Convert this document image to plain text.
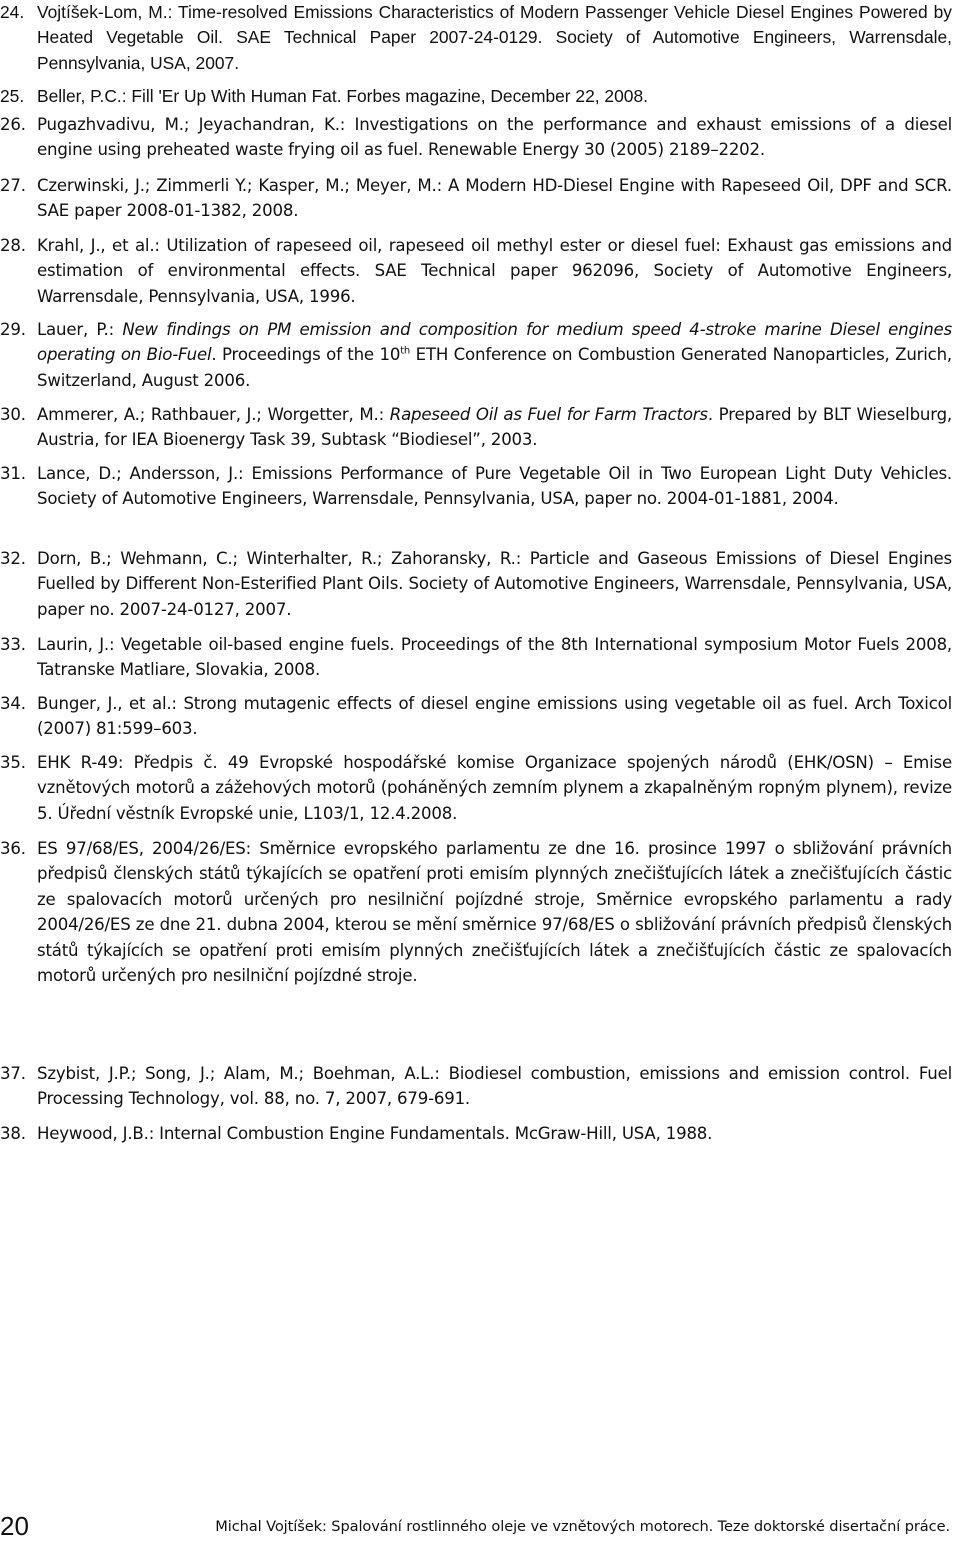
24. Vojtíšek-Lom, M.: Time-resolved Emissions Characteristics of Modern Passenger Vehicle Diesel Engines Powered by Heated Vegetable Oil. SAE Technical Paper 2007-24-0129. Society of Automotive Engineers, Warrensdale, Pennsylvania, USA, 2007.
25. Beller, P.C.: Fill 'Er Up With Human Fat. Forbes magazine, December 22, 2008.
26. Pugazhvadivu, M.; Jeyachandran, K.: Investigations on the performance and exhaust emissions of a diesel engine using preheated waste frying oil as fuel. Renewable Energy 30 (2005) 2189–2202.
27. Czerwinski, J.; Zimmerli Y.; Kasper, M.; Meyer, M.: A Modern HD-Diesel Engine with Rapeseed Oil, DPF and SCR. SAE paper 2008-01-1382, 2008.
28. Krahl, J., et al.: Utilization of rapeseed oil, rapeseed oil methyl ester or diesel fuel: Exhaust gas emissions and estimation of environmental effects. SAE Technical paper 962096, Society of Automotive Engineers, Warrensdale, Pennsylvania, USA, 1996.
29. Lauer, P.: New findings on PM emission and composition for medium speed 4-stroke marine Diesel engines operating on Bio-Fuel. Proceedings of the 10th ETH Conference on Combustion Generated Nanoparticles, Zurich, Switzerland, August 2006.
30. Ammerer, A.; Rathbauer, J.; Worgetter, M.: Rapeseed Oil as Fuel for Farm Tractors. Prepared by BLT Wieselburg, Austria, for IEA Bioenergy Task 39, Subtask “Biodiesel”, 2003.
31. Lance, D.; Andersson, J.: Emissions Performance of Pure Vegetable Oil in Two European Light Duty Vehicles. Society of Automotive Engineers, Warrensdale, Pennsylvania, USA, paper no. 2004-01-1881, 2004.
32. Dorn, B.; Wehmann, C.; Winterhalter, R.; Zahoransky, R.: Particle and Gaseous Emissions of Diesel Engines Fuelled by Different Non-Esterified Plant Oils. Society of Automotive Engineers, Warrensdale, Pennsylvania, USA, paper no. 2007-24-0127, 2007.
33. Laurin, J.: Vegetable oil-based engine fuels. Proceedings of the 8th International symposium Motor Fuels 2008, Tatranske Matliare, Slovakia, 2008.
34. Bunger, J., et al.: Strong mutagenic effects of diesel engine emissions using vegetable oil as fuel. Arch Toxicol (2007) 81:599–603.
35. EHK R-49: Předpis č. 49 Evropské hospodářské komise Organizace spojených národů (EHK/OSN) – Emise vznětových motorů a zážehových motorů (poháněných zemním plynem a zkapalněným ropným plynem), revize 5. Úřední věstník Evropské unie, L103/1, 12.4.2008.
36. ES 97/68/ES, 2004/26/ES: Směrnice evropského parlamentu ze dne 16. prosince 1997 o sbližování právních předpisů členských států týkajících se opatření proti emisím plynných znečišťujících látek a znečišťujících částic ze spalovacích motorů určených pro nesilniční pojízdné stroje, Směrnice evropského parlamentu a rady 2004/26/ES ze dne 21. dubna 2004, kterou se mění směrnice 97/68/ES o sbližování právních předpisů členských států týkajících se opatření proti emisím plynných znečišťujících látek a znečišťujících částic ze spalovacích motorů určených pro nesilniční pojízdné stroje.
37. Szybist, J.P.; Song, J.; Alam, M.; Boehman, A.L.: Biodiesel combustion, emissions and emission control. Fuel Processing Technology, vol. 88, no. 7, 2007, 679-691.
38. Heywood, J.B.: Internal Combustion Engine Fundamentals. McGraw-Hill, USA, 1988.
20	Michal Vojtíšek: Spalování rostlinného oleje ve vznětových motorech. Teze doktorské disertační práce.
